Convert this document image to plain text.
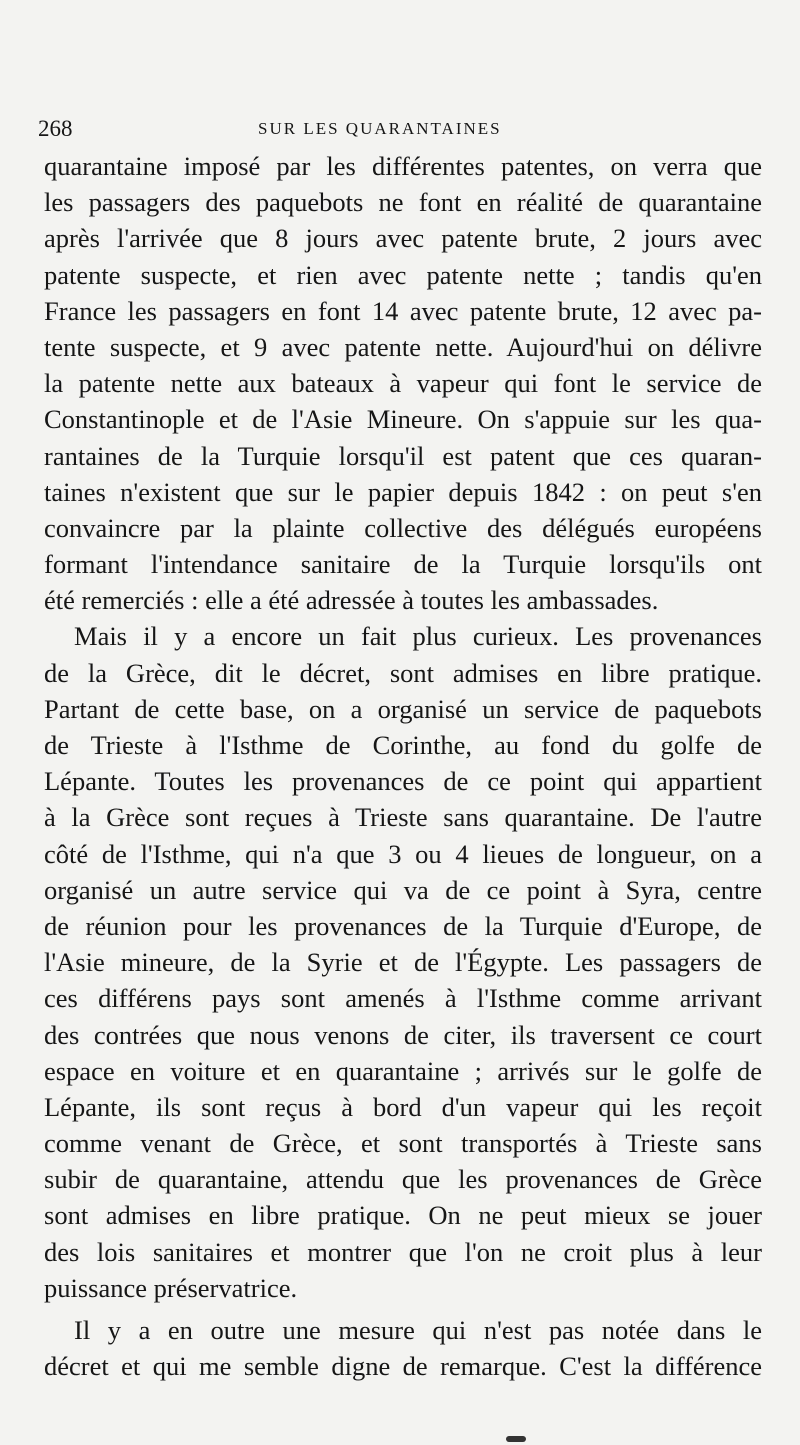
268	SUR LES QUARANTAINES
quarantaine imposé par les différentes patentes, on verra que
les passagers des paquebots ne font en réalité de quarantaine
après l'arrivée que 8 jours avec patente brute, 2 jours avec
patente suspecte, et rien avec patente nette ; tandis qu'en
France les passagers en font 14 avec patente brute, 12 avec pa-
tente suspecte, et 9 avec patente nette. Aujourd'hui on délivre
la patente nette aux bateaux à vapeur qui font le service de
Constantinople et de l'Asie Mineure. On s'appuie sur les qua-
rantaines de la Turquie lorsqu'il est patent que ces quaran-
taines n'existent que sur le papier depuis 1842 : on peut s'en
convaincre par la plainte collective des délégués européens
formant l'intendance sanitaire de la Turquie lorsqu'ils ont
été remerciés : elle a été adressée à toutes les ambassades.
Mais il y a encore un fait plus curieux. Les provenances
de la Grèce, dit le décret, sont admises en libre pratique.
Partant de cette base, on a organisé un service de paquebots
de Trieste à l'Isthme de Corinthe, au fond du golfe de
Lépante. Toutes les provenances de ce point qui appartient
à la Grèce sont reçues à Trieste sans quarantaine. De l'autre
côté de l'Isthme, qui n'a que 3 ou 4 lieues de longueur, on a
organisé un autre service qui va de ce point à Syra, centre
de réunion pour les provenances de la Turquie d'Europe, de
l'Asie mineure, de la Syrie et de l'Égypte. Les passagers de
ces différens pays sont amenés à l'Isthme comme arrivant
des contrées que nous venons de citer, ils traversent ce court
espace en voiture et en quarantaine ; arrivés sur le golfe de
Lépante, ils sont reçus à bord d'un vapeur qui les reçoit
comme venant de Grèce, et sont transportés à Trieste sans
subir de quarantaine, attendu que les provenances de Grèce
sont admises en libre pratique. On ne peut mieux se jouer
des lois sanitaires et montrer que l'on ne croit plus à leur
puissance préservatrice.
Il y a en outre une mesure qui n'est pas notée dans le
décret et qui me semble digne de remarque. C'est la différence
